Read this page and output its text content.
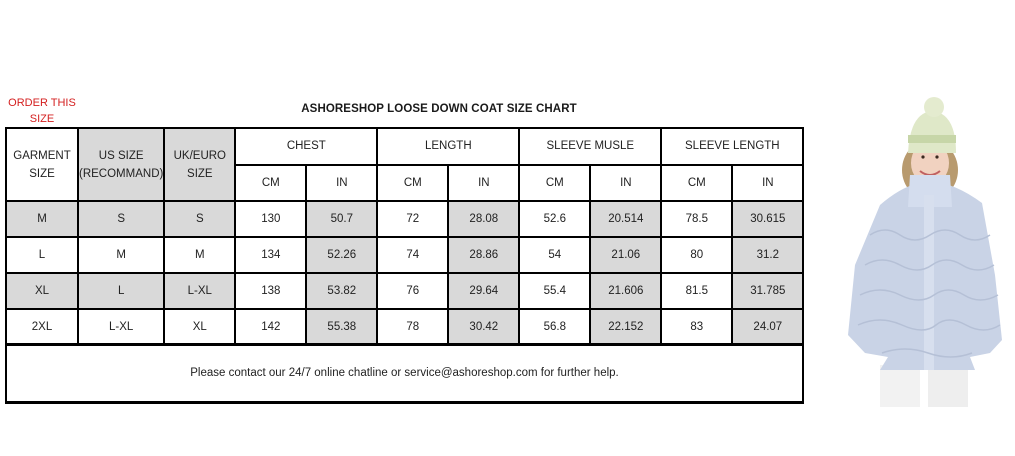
ORDER THIS SIZE
ASHORESHOP LOOSE DOWN COAT SIZE CHART
GARMENT SIZE	US SIZE (RECOMMAND)	UK/EURO SIZE	CHEST		LENGTH		SLEEVE MUSLE		SLEEVE LENGTH	
			CM	IN	CM	IN	CM	IN	CM	IN
M	S	S	130	50.7	72	28.08	52.6	20.514	78.5	30.615
L	M	M	134	52.26	74	28.86	54	21.06	80	31.2
XL	L	L-XL	138	53.82	76	29.64	55.4	21.606	81.5	31.785
2XL	L-XL	XL	142	55.38	78	30.42	56.8	22.152	83	24.07
Please contact our 24/7 online chatline or service@ashoreshop.com for further help.
